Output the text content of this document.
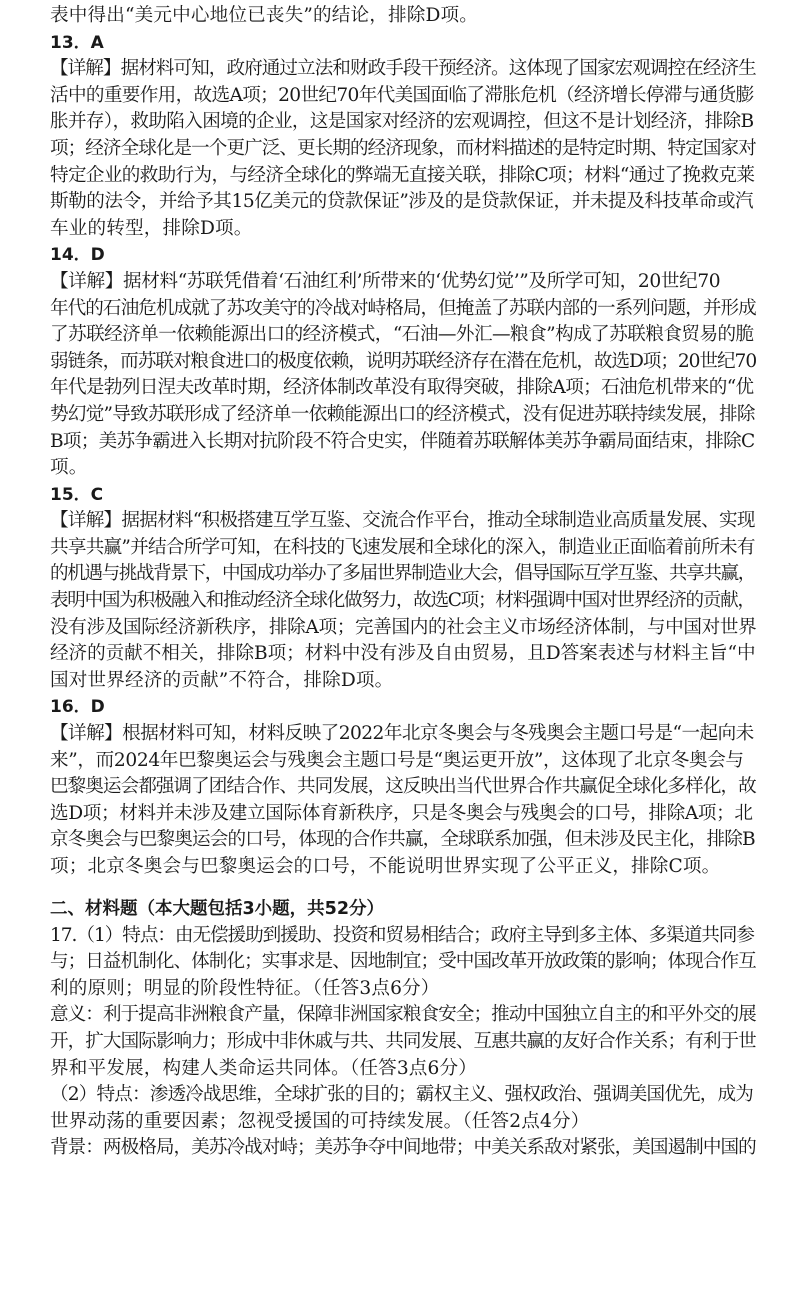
表中得出“美元中心地位已丧失”的结论，排除D项。
13．A
【详解】据材料可知，政府通过立法和财政手段干预经济。这体现了国家宏观调控在经济生
活中的重要作用，故选A项；20世纪70年代美国面临了滞胀危机（经济增长停滞与通货膨
胀并存），救助陷入困境的企业，这是国家对经济的宏观调控，但这不是计划经济，排除B
项；经济全球化是一个更广泛、更长期的经济现象，而材料描述的是特定时期、特定国家对
特定企业的救助行为，与经济全球化的弊端无直接关联，排除C项；材料“通过了挽救克莱
斯勒的法令，并给予其15亿美元的贷款保证”涉及的是贷款保证，并未提及科技革命或汽
车业的转型，排除D项。
14．D
【详解】据材料“苏联凭借着‘石油红利’所带来的‘优势幻觉’”及所学可知，20世纪70
年代的石油危机成就了苏攻美守的冷战对峙格局，但掩盖了苏联内部的一系列问题，并形成
了苏联经济单一依赖能源出口的经济模式，“石油—外汇—粮食”构成了苏联粮食贸易的脆
弱链条，而苏联对粮食进口的极度依赖，说明苏联经济存在潜在危机，故选D项；20世纪70
年代是勃列日涅夫改革时期，经济体制改革没有取得突破，排除A项；石油危机带来的“优
势幻觉”导致苏联形成了经济单一依赖能源出口的经济模式，没有促进苏联持续发展，排除
B项；美苏争霸进入长期对抗阶段不符合史实，伴随着苏联解体美苏争霸局面结束，排除C
项。
15．C
【详解】据据材料“积极搭建互学互鉴、交流合作平台，推动全球制造业高质量发展、实现
共享共赢”并结合所学可知，在科技的飞速发展和全球化的深入，制造业正面临着前所未有
的机遇与挑战背景下，中国成功举办了多届世界制造业大会，倡导国际互学互鉴、共享共赢，
表明中国为积极融入和推动经济全球化做努力，故选C项；材料强调中国对世界经济的贡献，
没有涉及国际经济新秩序，排除A项；完善国内的社会主义市场经济体制，与中国对世界
经济的贡献不相关，排除B项；材料中没有涉及自由贸易，且D答案表述与材料主旨“中
国对世界经济的贡献”不符合，排除D项。
16．D
【详解】根据材料可知，材料反映了2022年北京冬奥会与冬残奥会主题口号是“一起向未
来”，而2024年巴黎奥运会与残奥会主题口号是“奥运更开放”，这体现了北京冬奥会与
巴黎奥运会都强调了团结合作、共同发展，这反映出当代世界合作共赢促全球化多样化，故
选D项；材料并未涉及建立国际体育新秩序，只是冬奥会与残奥会的口号，排除A项；北
京冬奥会与巴黎奥运会的口号，体现的合作共赢，全球联系加强，但未涉及民主化，排除B
项；北京冬奥会与巴黎奥运会的口号，不能说明世界实现了公平正义，排除C项。
二、材料题（本大题包括3小题，共52分）
17.（1）特点：由无偿援助到援助、投资和贸易相结合；政府主导到多主体、多渠道共同参
与；日益机制化、体制化；实事求是、因地制宜；受中国改革开放政策的影响；体现合作互
利的原则；明显的阶段性特征。（任答3点6分）
意义：利于提高非洲粮食产量，保障非洲国家粮食安全；推动中国独立自主的和平外交的展
开，扩大国际影响力；形成中非休戚与共、共同发展、互惠共赢的友好合作关系；有利于世
界和平发展，构建人类命运共同体。（任答3点6分）
（2）特点：渗透冷战思维，全球扩张的目的；霸权主义、强权政治、强调美国优先，成为
世界动荡的重要因素；忽视受援国的可持续发展。（任答2点4分）
背景：两极格局，美苏冷战对峙；美苏争夺中间地带；中美关系敌对紧张，美国遏制中国的
